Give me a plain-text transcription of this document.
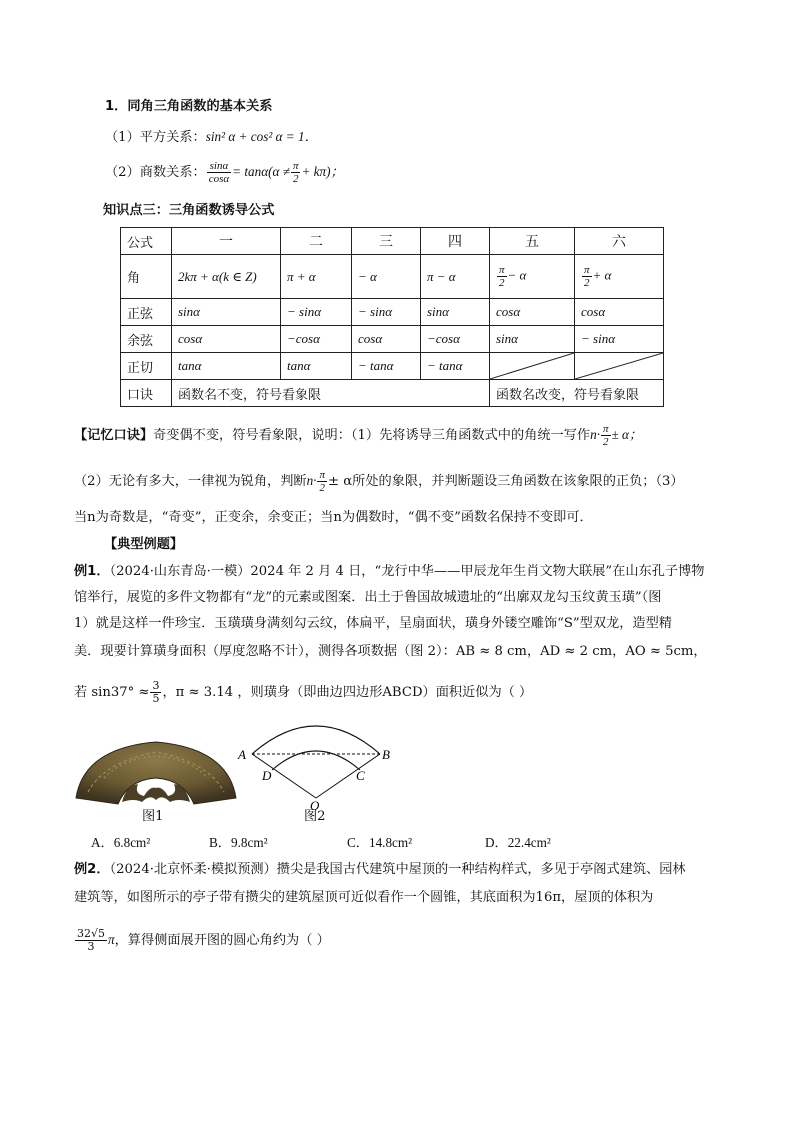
1．同角三角函数的基本关系
（1）平方关系：sin² α + cos² α = 1．
（2）商数关系： $\frac{\sin\alpha}{\cos\alpha} = \tan\alpha(\alpha \ne \frac{\pi}{2} + k\pi)$；
知识点三：三角函数诱导公式
公式	一	二	三	四	五	六
角	2kπ + α(k ∈ Z)	π + α	− α	π − α	$\frac{\pi}{2} - \alpha$	$\frac{\pi}{2} + \alpha$
正弦	sinα	− sinα	− sinα	sinα	cosα	cosα
余弦	cosα	−cosα	cosα	−cosα	sinα	− sinα
正切	tanα	tanα	− tanα	− tanα	

口诀	函数名不变，符号看象限				函数名改变，符号看象限	
【记忆口诀】奇变偶不变，符号看象限，说明：（1）先将诱导三角函数式中的角统一写作$n\cdot \frac{\pi}{2} \pm \alpha$；
（2）无论有多大，一律视为锐角，判断$n\cdot \frac{\pi}{2} \pm \alpha$所处的象限，并判断题设三角函数在该象限的正负；（3）
当n为奇数是，“奇变”，正变余，余变正；当n为偶数时，“偶不变”函数名保持不变即可．
【典型例题】
例1．（2024·山东青岛·一模）2024 年 2 月 4 日，“龙行中华——甲辰龙年生肖文物大联展”在山东孔子博物
馆举行，展览的多件文物都有“龙”的元素或图案．出土于鲁国故城遗址的“出廓双龙勾玉纹黄玉璜”（图
1）就是这样一件珍宝．玉璜璜身满刻勾云纹，体扁平，呈扇面状，璜身外镂空雕饰“S”型双龙，造型精
美．现要计算璜身面积（厚度忽略不计），测得各项数据（图 2）：AB ≈ 8 cm，AD ≈ 2 cm，AO ≈ 5cm，
若 $\sin 37^\circ \approx \frac{3}{5}$ ，π ≈ 3.14 ，则璜身（即曲边四边形ABCD）面积近似为（ ）
图1
A	B
C
D
O
图2
A．6.8cm²	B．9.8cm²	C．14.8cm²	D．22.4cm²
例2．（2024·北京怀柔·模拟预测）攒尖是我国古代建筑中屋顶的一种结构样式，多见于亭阁式建筑、园林
建筑等，如图所示的亭子带有攒尖的建筑屋顶可近似看作一个圆锥，其底面积为16π，屋顶的体积为
$\frac{32√5}{3}$ π，算得侧面展开图的圆心角约为（ ）
